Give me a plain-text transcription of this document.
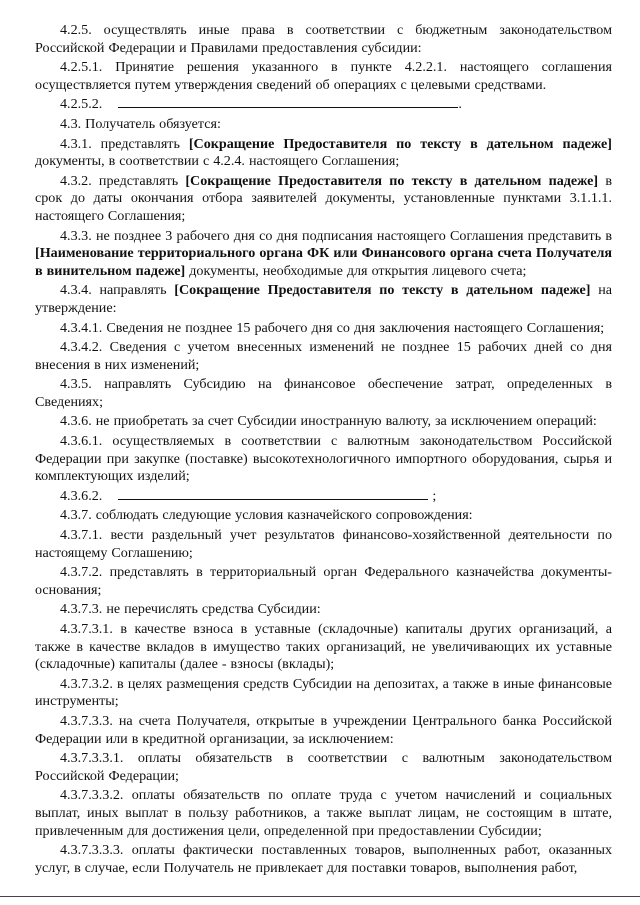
4.2.5. осуществлять иные права в соответствии с бюджетным законодательством Российской Федерации и Правилами предоставления субсидии:

4.2.5.1. Принятие решения указанного в пункте 4.2.2.1. настоящего соглашения осуществляется путем утверждения сведений об операциях с целевыми средствами.

4.2.5.2.	.

4.3. Получатель обязуется:

4.3.1. представлять [Сокращение Предоставителя по тексту в дательном падеже] документы, в соответствии с 4.2.4. настоящего Соглашения;

4.3.2. представлять [Сокращение Предоставителя по тексту в дательном падеже] в срок до даты окончания отбора заявителей документы, установленные пунктами 3.1.1.1. настоящего Соглашения;

4.3.3. не позднее 3 рабочего дня со дня подписания настоящего Соглашения представить в [Наименование территориального органа ФК или Финансового органа счета Получателя в винительном падеже] документы, необходимые для открытия лицевого счета;

4.3.4. направлять [Сокращение Предоставителя по тексту в дательном падеже] на утверждение:

4.3.4.1. Сведения не позднее 15 рабочего дня со дня заключения настоящего Соглашения;

4.3.4.2. Сведения с учетом внесенных изменений не позднее 15 рабочих дней со дня внесения в них изменений;

4.3.5. направлять Субсидию на финансовое обеспечение затрат, определенных в Сведениях;

4.3.6. не приобретать за счет Субсидии иностранную валюту, за исключением операций:

4.3.6.1. осуществляемых в соответствии с валютным законодательством Российской Федерации при закупке (поставке) высокотехнологичного импортного оборудования, сырья и комплектующих изделий;

4.3.6.2.	;

4.3.7. соблюдать следующие условия казначейского сопровождения:

4.3.7.1. вести раздельный учет результатов финансово-хозяйственной деятельности по настоящему Соглашению;

4.3.7.2. представлять в территориальный орган Федерального казначейства документы-основания;

4.3.7.3. не перечислять средства Субсидии:

4.3.7.3.1. в качестве взноса в уставные (складочные) капиталы других организаций, а также в качестве вкладов в имущество таких организаций, не увеличивающих их уставные (складочные) капиталы (далее - взносы (вклады);

4.3.7.3.2. в целях размещения средств Субсидии на депозитах, а также в иные финансовые инструменты;

4.3.7.3.3. на счета Получателя, открытые в учреждении Центрального банка Российской Федерации или в кредитной организации, за исключением:

4.3.7.3.3.1. оплаты обязательств в соответствии с валютным законодательством Российской Федерации;

4.3.7.3.3.2. оплаты обязательств по оплате труда с учетом начислений и социальных выплат, иных выплат в пользу работников, а также выплат лицам, не состоящим в штате, привлеченным для достижения цели, определенной при предоставлении Субсидии;

4.3.7.3.3.3. оплаты фактически поставленных товаров, выполненных работ, оказанных услуг, в случае, если Получатель не привлекает для поставки товаров, выполнения работ,
